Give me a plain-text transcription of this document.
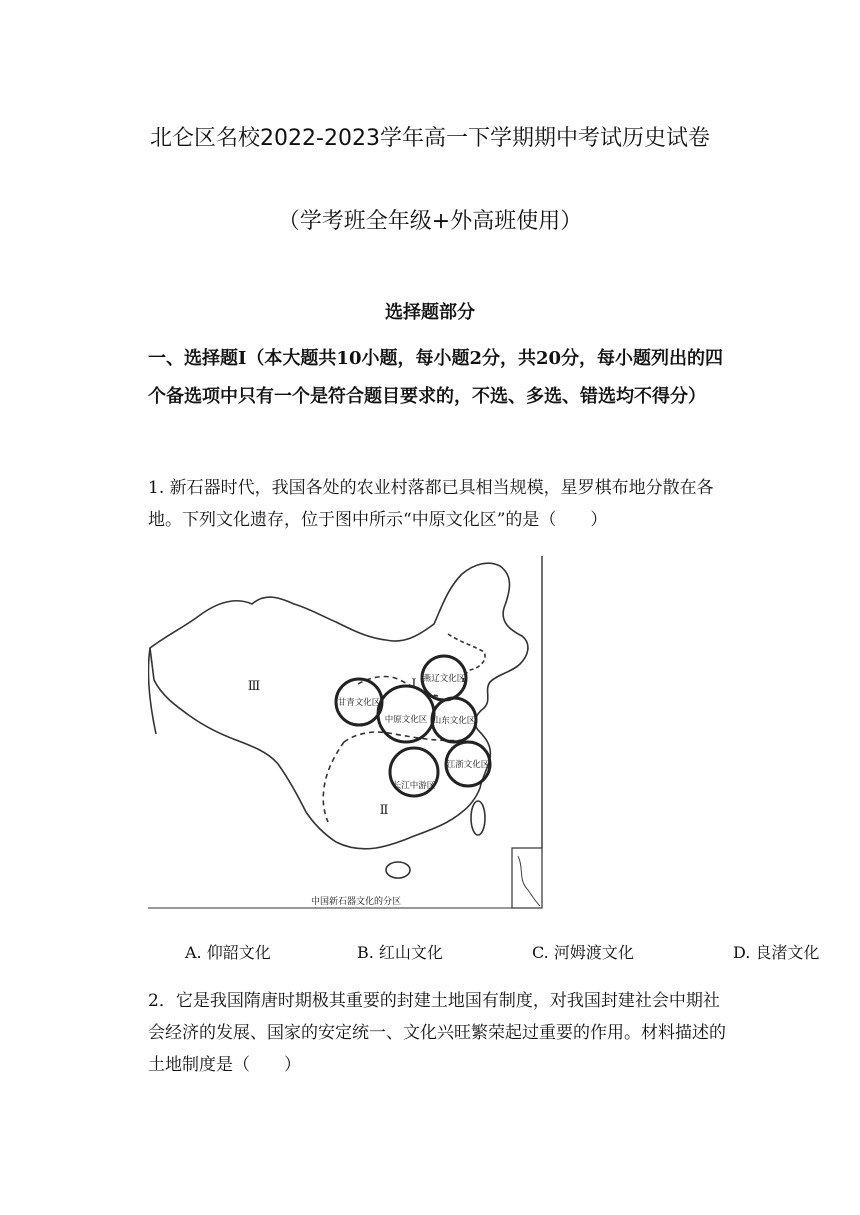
北仑区名校2022-2023学年高一下学期期中考试历史试卷
（学考班全年级+外高班使用）
选择题部分
一、选择题Ⅰ（本大题共10小题，每小题2分，共20分，每小题列出的四个备选项中只有一个是符合题目要求的，不选、多选、错选均不得分）
1. 新石器时代，我国各处的农业村落都已具相当规模，星罗棋布地分散在各地。下列文化遗存，位于图中所示“中原文化区”的是（　　）
燕辽文化区
甘青文化区
中原文化区 山东文化区
长江中游区
江浙文化区
Ⅰ
Ⅱ
Ⅲ
中国新石器文化的分区
A. 仰韶文化	B. 红山文化	C. 河姆渡文化	D. 良渚文化
2．它是我国隋唐时期极其重要的封建土地国有制度，对我国封建社会中期社会经济的发展、国家的安定统一、文化兴旺繁荣起过重要的作用。材料描述的土地制度是（　　）
